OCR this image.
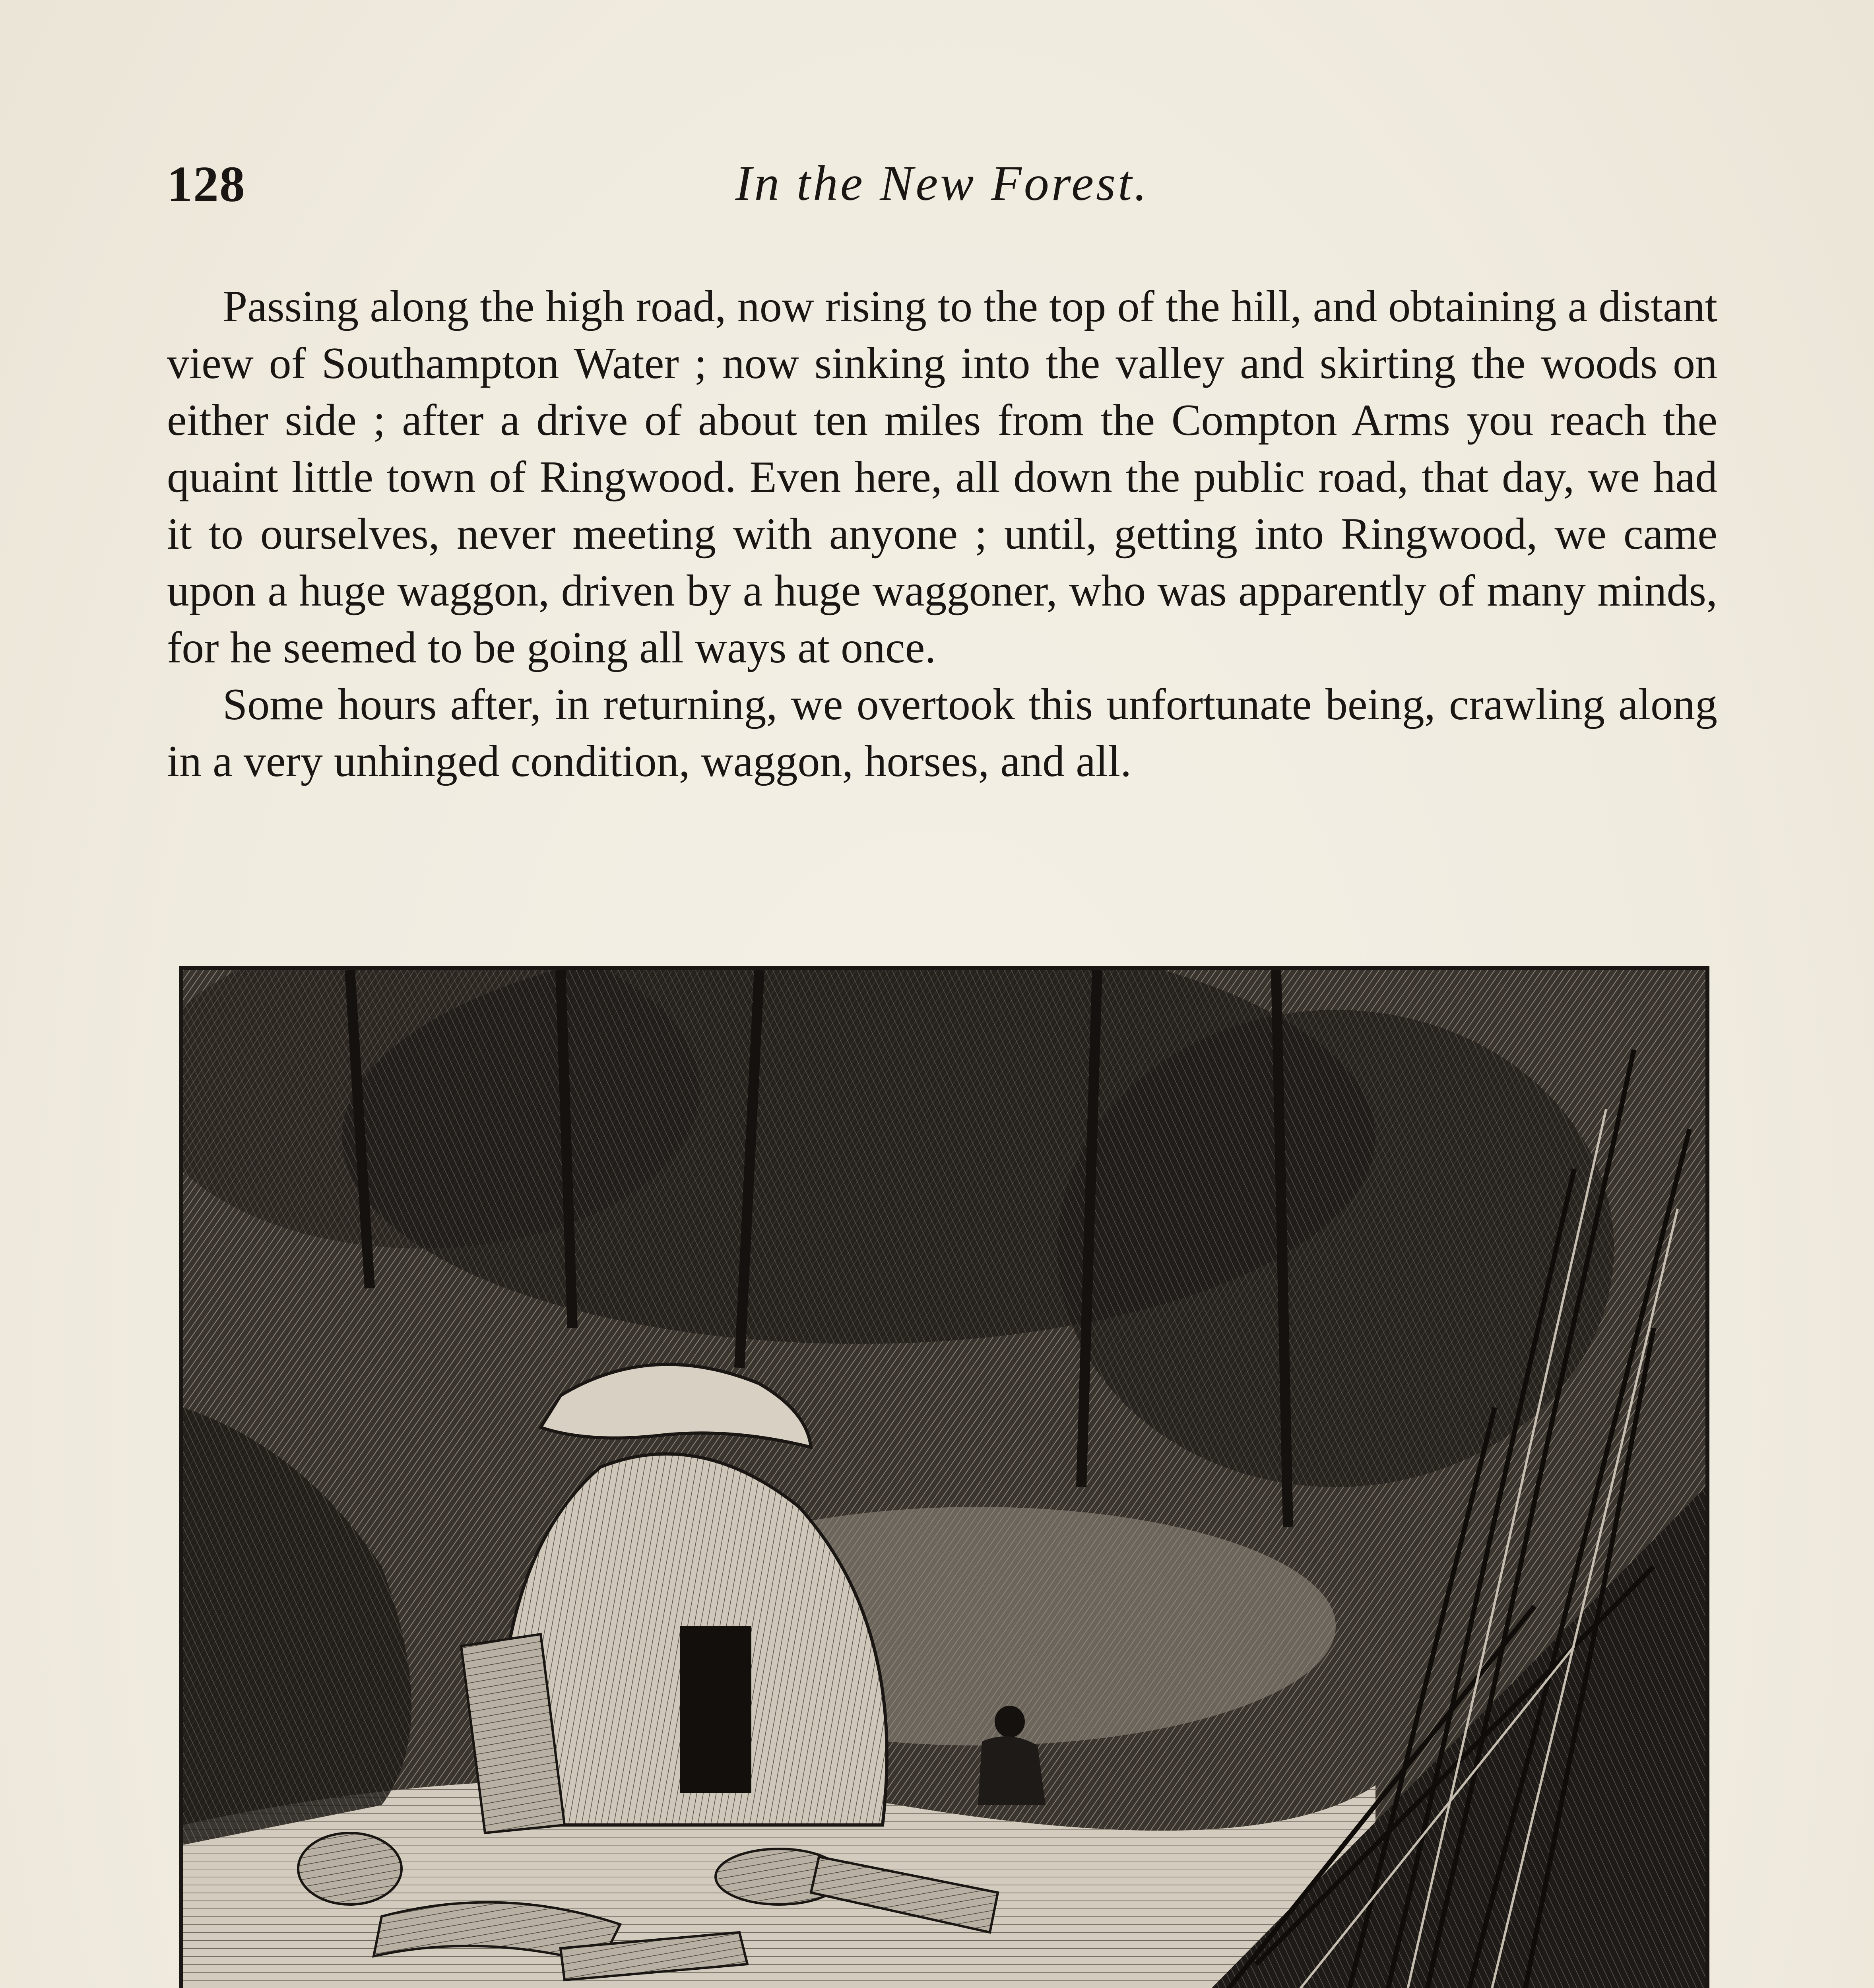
128	In the New Forest.

Passing along the high road, now rising to the top of the hill, and obtaining a distant view of Southampton Water ; now sinking into the valley and skirting the woods on either side ; after a drive of about ten miles from the Compton Arms you reach the quaint little town of Ringwood. Even here, all down the public road, that day, we had it to ourselves, never meeting with anyone ; until, getting into Ringwood, we came upon a huge waggon, driven by a huge waggoner, who was apparently of many minds, for he seemed to be going all ways at once.

Some hours after, in returning, we overtook this unfortunate being, crawling along in a very unhinged condition, waggon, horses, and all.
